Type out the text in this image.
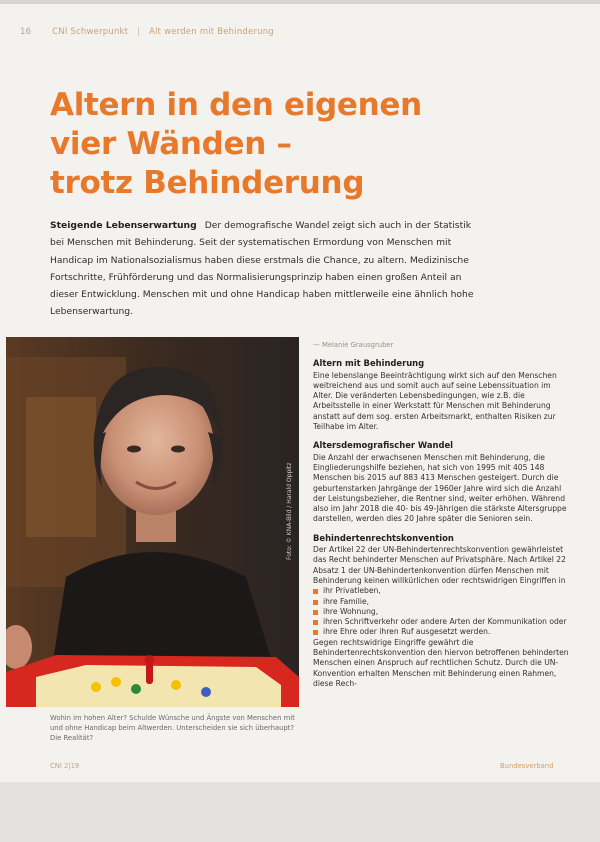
16 CNI Schwerpunkt | Alt werden mit Behinderung
Altern in den eigenen
vier Wänden –
trotz Behinderung

Steigende Lebenserwartung Der demografische Wandel zeigt sich auch in der Statistik bei Menschen mit Behinderung. Seit der systematischen Ermordung von Menschen mit Handicap im Nationalsozialismus haben diese erstmals die Chance, zu altern. Medizinische Fortschritte, Frühförderung und das Normalisierungsprinzip haben einen großen Anteil an dieser Entwicklung. Menschen mit und ohne Handicap haben mittlerweile eine ähnlich hohe Lebenserwartung.

Foto: © KNA-Bild / Harald Oppitz
Wohin im hohen Alter? Schulde Wünsche und Ängste von Menschen mit und ohne Handicap beim Altwerden. Unterscheiden sie sich überhaupt? Die Realität?

— Melanie Grausgruber

Altern mit Behinderung

Eine lebenslange Beeinträchtigung wirkt sich auf den Menschen weitreichend aus und somit auch auf seine Lebenssituation im Alter. Die veränderten Lebensbedingungen, wie z.B. die Arbeitsstelle in einer Werkstatt für Menschen mit Behinderung anstatt auf dem sog. ersten Arbeitsmarkt, enthalten Risiken zur Teilhabe im Alter.

Altersdemografischer Wandel

Die Anzahl der erwachsenen Menschen mit Behinderung, die Eingliederungshilfe beziehen, hat sich von 1995 mit 405 148 Menschen bis 2015 auf 883 413 Menschen gesteigert. Durch die geburtenstarken Jahrgänge der 1960er Jahre wird sich die Anzahl der Leistungsbezieher, die Rentner sind, weiter erhöhen. Während also im Jahr 2018 die 40- bis 49-Jährigen die stärkste Altersgruppe darstellen, werden dies 20 Jahre später die Senioren sein.

Behindertenrechtskonvention
Der Artikel 22 der UN-Behindertenrechtskonvention gewährleistet das Recht behinderter Menschen auf Privatsphäre. Nach Artikel 22 Absatz 1 der UN-Behindertenkonvention dürfen Menschen mit Behinderung keinen willkürlichen oder rechtswidrigen Eingriffen in
ihr Privatleben,
ihre Familie,
ihre Wohnung,
ihren Schriftverkehr oder andere Arten der Kommunikation oder
ihre Ehre oder ihren Ruf ausgesetzt werden.
Gegen rechtswidrige Eingriffe gewährt die Behindertenrechtskonvention den hiervon betroffenen behinderten Menschen einen Anspruch auf rechtlichen Schutz. Durch die UN-Konvention erhalten Menschen mit Behinderung einen Rahmen, diese Rech-
CNI 2|19	Bundesverband
